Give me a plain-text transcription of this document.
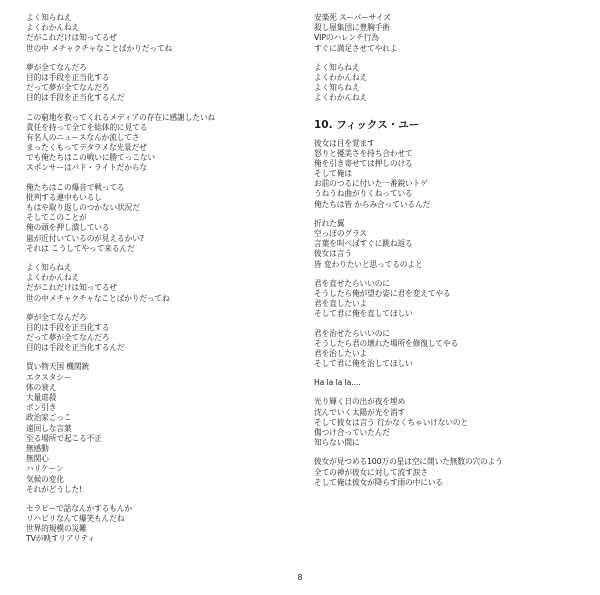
よく知らねえ
よくわかんねえ
だがこれだけは知ってるぜ
世の中 メチャクチャなことばかりだってね
夢が全てなんだろ
目的は手段を正当化する
だって夢が全てなんだろ
目的は手段を正当化するんだ
この窮地を救ってくれるメディアの存在に感謝したいね
責任を持って全てを総体的に見てる
有名人のニュースなんか流してさ
まったくもってデタラメな光景だぜ
でも俺たちはこの戦いに勝てっこない
スポンサーはバド・ライトだからな
俺たちはこの爆音で戦ってる
批判する連中もいるし
もはや取り返しのつかない状況だ
そしてこのことが
俺の頭を押し潰している
嵐が近付いているのが見えるかい?
それは こうしてやって来るんだ
よく知らねえ
よくわかんねえ
だがこれだけは知ってるぜ
世の中メチャクチャなことばかりだってね
夢が全てなんだろ
目的は手段を正当化する
だって夢が全てなんだろ
目的は手段を正当化するんだ
買い物天国 機関銃
エクスタシー
体の衰え
大量虐殺
ポン引き
政治家ごっこ
遠回しな言葉
至る場所で起こる不正
無感動
無関心
ハリケーン
気候の変化
それがどうした!
セラピーで話なんかするもんか
リハビリなんて爆笑もんだね
世界的規模の災難
TVが映すリアリティ
安楽死 スーパーサイズ
殺し屋集団に豊胸手術
VIPのハレンチ行為
すぐに満足させてやれよ
よく知らねえ
よくわかんねえ
よく知らねえ
よくわかんねえ
10. フィックス・ユー
彼女は目を覚ます
怒りと優美さを持ち合わせて
俺を引き寄せては押しのける
そして俺は
お前のつるに付いた一番鋭いトゲ
うねうね曲がりくねっている
俺たちは皆 からみ合っているんだ
折れた翼
空っぽのグラス
言葉を叫べばすぐに跳ね返る
彼女は言う
皆 変わりたいと思ってるのよと
君を直せたらいいのに
そうしたら俺が望む姿に君を変えてやる
君を直したいよ
そして君に俺を直してほしい
君を治せたらいいのに
そうしたら君の壊れた場所を修復してやる
君を治したいよ
そして君に俺を治してほしい
Ha la la la....
光り輝く日の出が夜を埋め
沈んでいく太陽が光を消す
そして彼女は言う 行かなくちゃいけないのと
傷つけ合っていたんだ
知らない間に
彼女が見つめる100万の星は空に開いた無数の穴のよう
全ての神が彼女に対して流す涙さ
そして俺は彼女が降らす雨の中にいる
8
